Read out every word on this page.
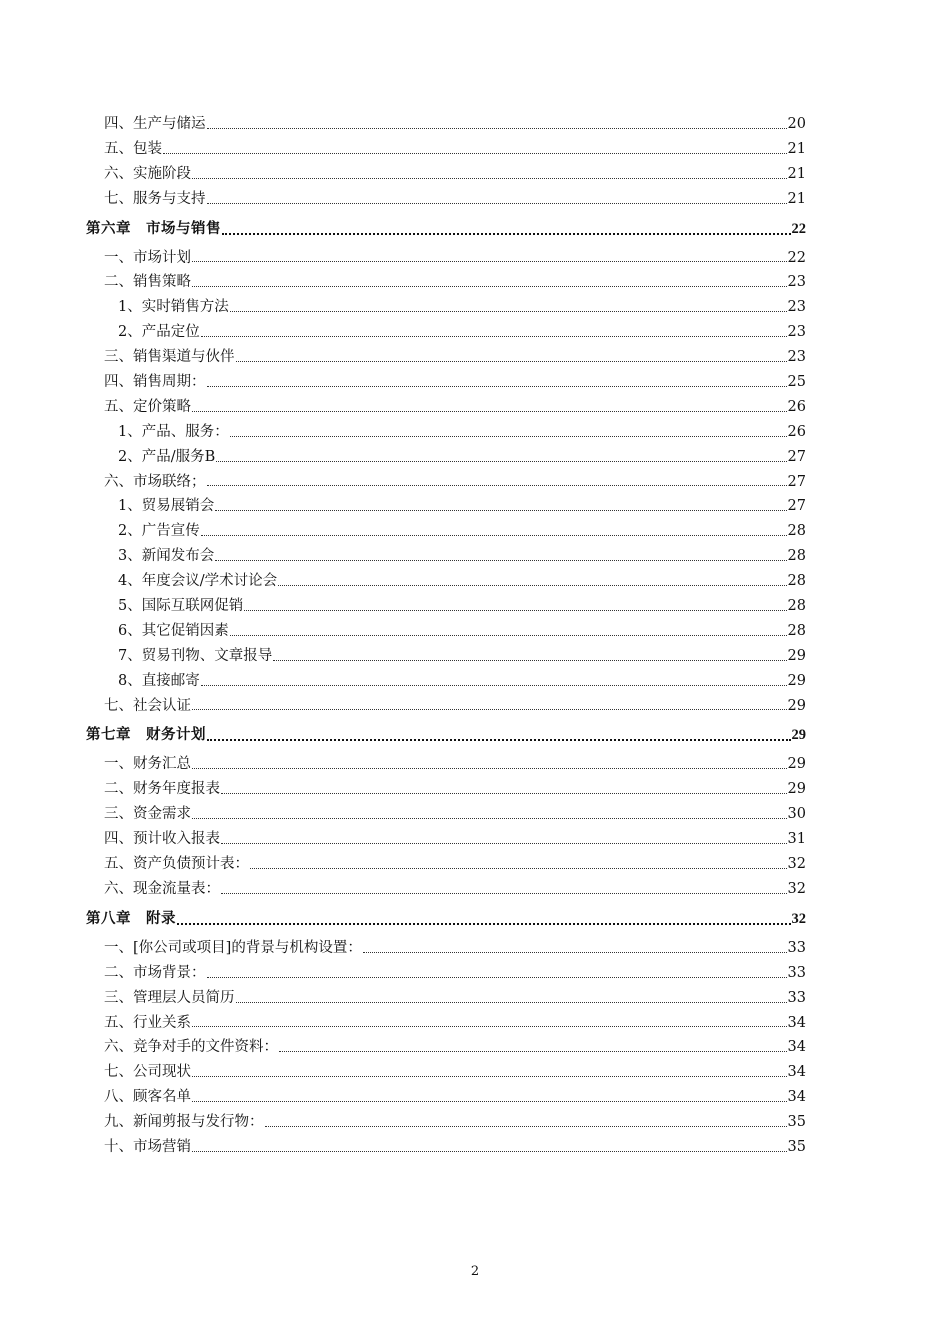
四、生产与储运	20
五、包装	21
六、实施阶段	21
七、服务与支持	21
第六章　市场与销售	22
一、市场计划	22
二、销售策略	23
1、实时销售方法	23
2、产品定位	23
三、销售渠道与伙伴	23
四、销售周期：	25
五、定价策略	26
1、产品、服务：	26
2、产品/服务B	27
六、市场联络；	27
1、贸易展销会	27
2、广告宣传	28
3、新闻发布会	28
4、年度会议/学术讨论会	28
5、国际互联网促销	28
6、其它促销因素	28
7、贸易刊物、文章报导	29
8、直接邮寄	29
七、社会认证	29
第七章　财务计划	29
一、财务汇总	29
二、财务年度报表	29
三、资金需求	30
四、预计收入报表	31
五、资产负债预计表：	32
六、现金流量表：	32
第八章　附录	32
一、[你公司或项目]的背景与机构设置：	33
二、市场背景：	33
三、管理层人员简历	33
五、行业关系	34
六、竞争对手的文件资料：	34
七、公司现状	34
八、顾客名单	34
九、新闻剪报与发行物：	35
十、市场营销	35
2
